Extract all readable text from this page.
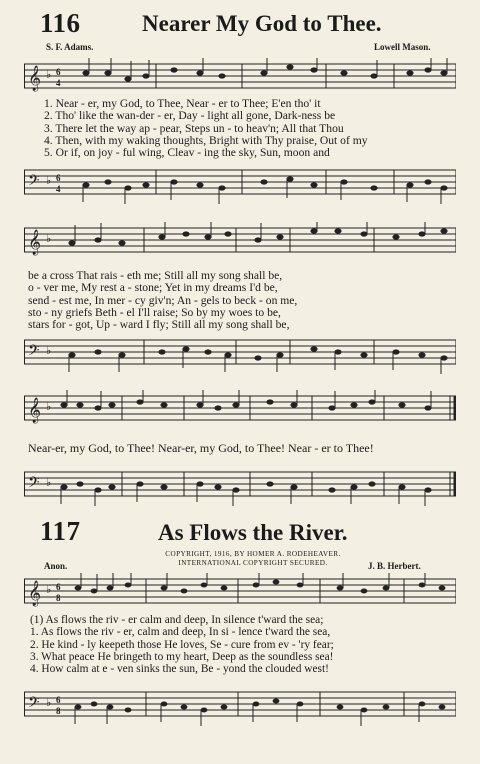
116	Nearer My God to Thee.
S. F. Adams.	Lowell Mason.
𝄞 ♭ 6
4
1. Near - er, my God, to Thee, Near - er to Thee; E'en tho' it
2. Tho' like the wan-der - er, Day - light all gone, Dark-ness be
3. There let the way ap - pear, Steps un - to heav'n; All that Thou
4. Then, with my waking thoughts, Bright with Thy praise, Out of my
5. Or if, on joy - ful wing, Cleav - ing the sky, Sun, moon and
𝄢 ♭ 6
4
𝄞 ♭
be a cross That rais - eth me; Still all my song shall be,
o - ver me, My rest a - stone; Yet in my dreams I'd be,
send - est me, In mer - cy giv'n; An - gels to beck - on me,
sto - ny griefs Beth - el I'll raise; So by my woes to be,
stars for - got, Up - ward I fly; Still all my song shall be,
𝄢 ♭
𝄞 ♭
Near-er, my God, to Thee! Near-er, my God, to Thee! Near - er to Thee!
𝄢 ♭
117	As Flows the River.
COPYRIGHT, 1916, BY HOMER A. RODEHEAVER.
INTERNATIONAL COPYRIGHT SECURED.
Anon.	J. B. Herbert.
𝄞 ♭ 6
8
(1) As flows the riv - er calm and deep, In silence t'ward the sea;
1. As flows the riv - er, calm and deep, In si - lence t'ward the sea,
2. He kind - ly keepeth those He loves, Se - cure from ev - 'ry fear;
3. What peace He bringeth to my heart, Deep as the soundless sea!
4. How calm at e - ven sinks the sun, Be - yond the clouded west!
𝄢 ♭ 6
8
